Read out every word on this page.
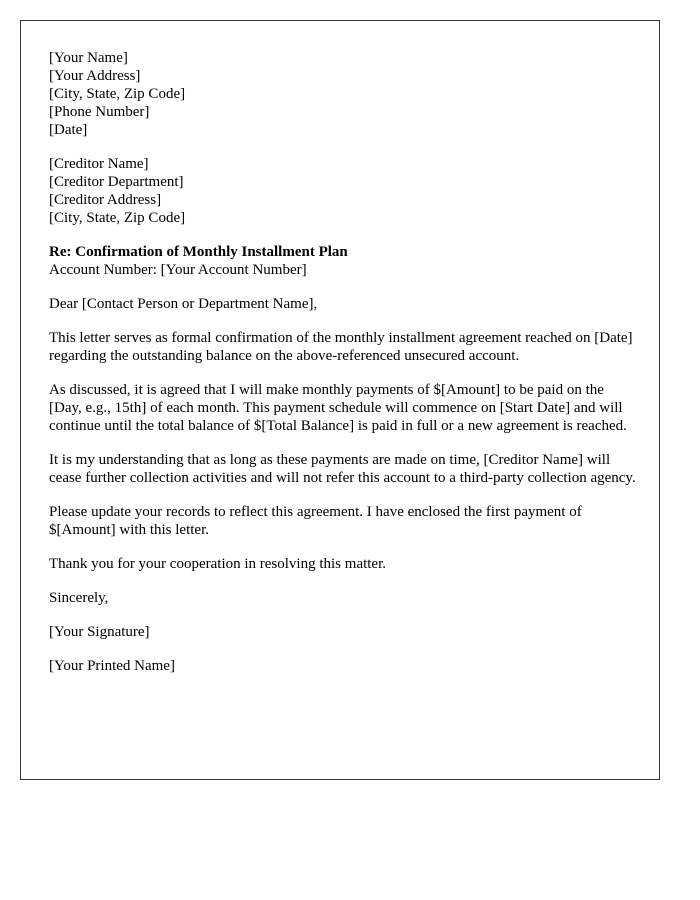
[Your Name]
[Your Address]
[City, State, Zip Code]
[Phone Number]
[Date]
[Creditor Name]
[Creditor Department]
[Creditor Address]
[City, State, Zip Code]
Re: Confirmation of Monthly Installment Plan
Account Number: [Your Account Number]

Dear [Contact Person or Department Name],

This letter serves as formal confirmation of the monthly installment agreement reached on [Date] regarding the outstanding balance on the above-referenced unsecured account.

As discussed, it is agreed that I will make monthly payments of $[Amount] to be paid on the [Day, e.g., 15th] of each month. This payment schedule will commence on [Start Date] and will continue until the total balance of $[Total Balance] is paid in full or a new agreement is reached.

It is my understanding that as long as these payments are made on time, [Creditor Name] will cease further collection activities and will not refer this account to a third-party collection agency.

Please update your records to reflect this agreement. I have enclosed the first payment of $[Amount] with this letter.

Thank you for your cooperation in resolving this matter.

Sincerely,

[Your Signature]

[Your Printed Name]
